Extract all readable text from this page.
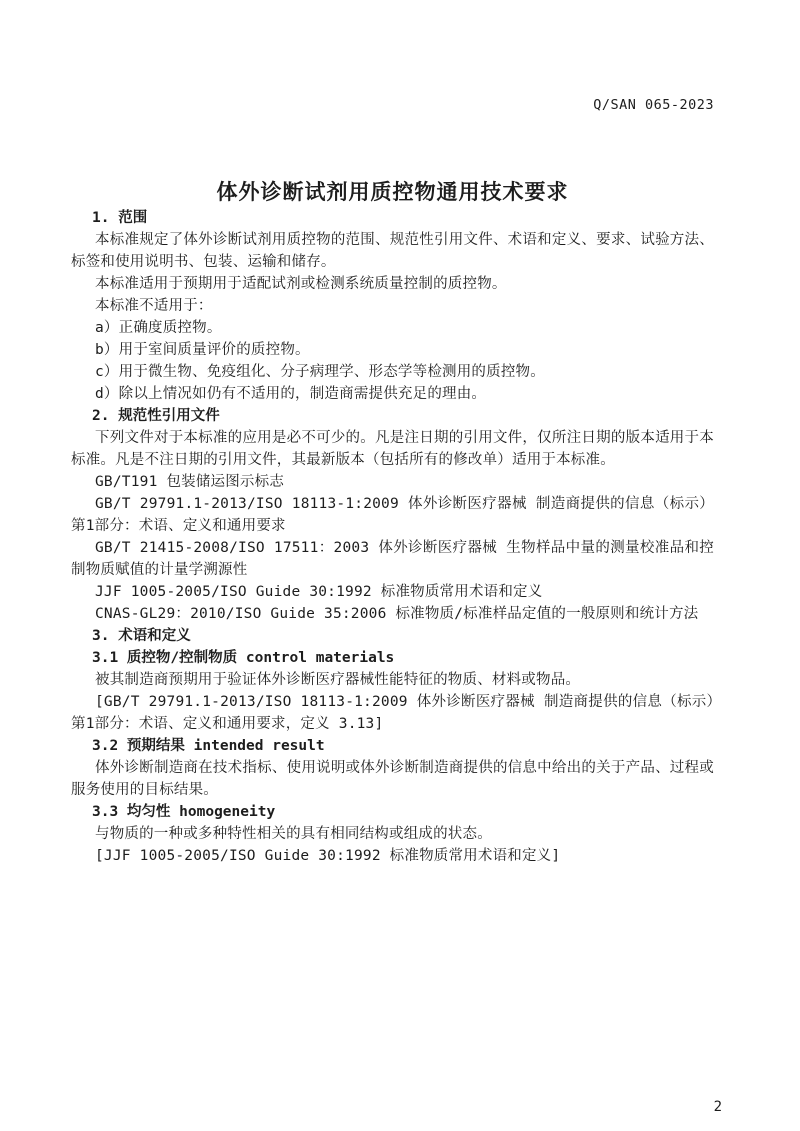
Q/SAN 065-2023
体外诊断试剂用质控物通用技术要求
1. 范围

本标准规定了体外诊断试剂用质控物的范围、规范性引用文件、术语和定义、要求、试验方法、标签和使用说明书、包装、运输和储存。

本标准适用于预期用于适配试剂或检测系统质量控制的质控物。

本标准不适用于：

a）正确度质控物。

b）用于室间质量评价的质控物。

c）用于微生物、免疫组化、分子病理学、形态学等检测用的质控物。

d）除以上情况如仍有不适用的，制造商需提供充足的理由。

2. 规范性引用文件

下列文件对于本标准的应用是必不可少的。凡是注日期的引用文件，仅所注日期的版本适用于本标准。凡是不注日期的引用文件，其最新版本（包括所有的修改单）适用于本标准。

GB/T191 包装储运图示标志

GB/T 29791.1-2013/ISO 18113-1:2009 体外诊断医疗器械 制造商提供的信息（标示）第1部分：术语、定义和通用要求

GB/T 21415-2008/ISO 17511：2003 体外诊断医疗器械 生物样品中量的测量校准品和控制物质赋值的计量学溯源性

JJF 1005-2005/ISO Guide 30:1992 标准物质常用术语和定义

CNAS-GL29：2010/ISO Guide 35:2006 标准物质/标准样品定值的一般原则和统计方法

3. 术语和定义
3.1 质控物/控制物质 control materials

被其制造商预期用于验证体外诊断医疗器械性能特征的物质、材料或物品。

[GB/T 29791.1-2013/ISO 18113-1:2009 体外诊断医疗器械 制造商提供的信息（标示）第1部分：术语、定义和通用要求，定义 3.13]

3.2 预期结果 intended result

体外诊断制造商在技术指标、使用说明或体外诊断制造商提供的信息中给出的关于产品、过程或服务使用的目标结果。

3.3 均匀性 homogeneity

与物质的一种或多种特性相关的具有相同结构或组成的状态。

[JJF 1005-2005/ISO Guide 30:1992 标准物质常用术语和定义]

2
